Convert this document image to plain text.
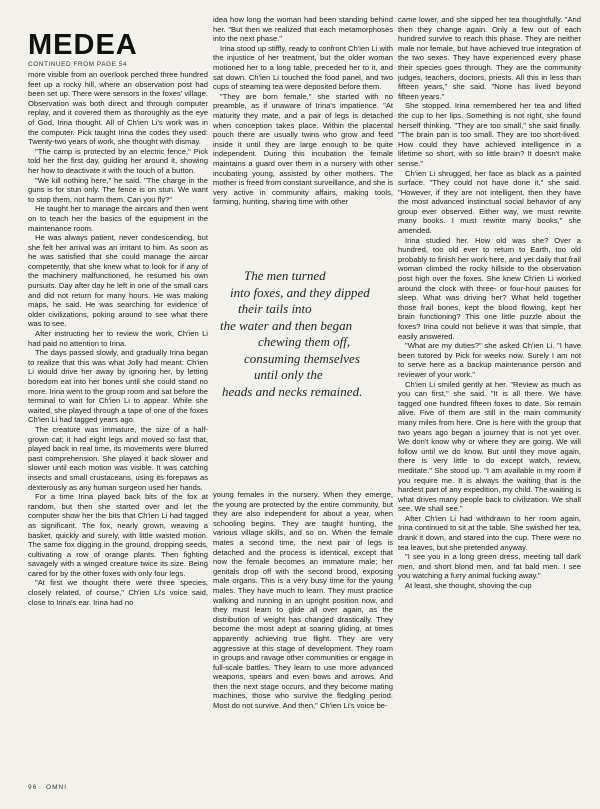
MEDEA
CONTINUED FROM PAGE 54

more visible from an overlook perched three hundred feet up a rocky hill, where an observation post had been set up. There were sensors in the foxes' village. Observation was both direct and through computer replay, and it covered them as thoroughly as the eye of God, Irina thought. All of Ch'ien Li's work was in the computer. Pick taught Irina the codes they used: Twenty-two years of work, she thought with dismay.

"The camp is protected by an electric fence," Pick told her the first day, guiding her around it, showing her how to deactivate it with the touch of a button.

"We kill nothing here," he said. "The charge in the guns is for stun only. The fence is on stun. We want to stop them, not harm them. Can you fly?"

He taught her to manage the aircars and then went on to teach her the basics of the equipment in the maintenance room.

He was always patient, never condescending, but she felt her arrival was an irritant to him. As soon as he was satisfied that she could manage the aircar competently, that she knew what to look for if any of the machinery malfunctioned, he resumed his own pursuits. Day after day he left in one of the small cars and did not return for many hours. He was making maps, he said. He was searching for evidence of older civilizations, poking around to see what there was to see.

After instructing her to review the work, Ch'ien Li had paid no attention to Irina.

The days passed slowly, and gradually Irina began to realize that this was what Jolly had meant: Ch'ien Li would drive her away by ignoring her, by letting boredom eat into her bones until she could stand no more. Irina went to the group room and sat before the terminal to wait for Ch'ien Li to appear. While she waited, she played through a tape of one of the foxes Ch'ien Li had tagged years ago.

The creature was immature, the size of a half-grown cat; it had eight legs and moved so fast that, played back in real time, its movements were blurred past comprehension. She played it back slower and slower until each motion was visible. It was catching insects and small crustaceans, using its forepaws as dexterously as any human surgeon used her hands.

For a time Irina played back bits of the fox at random, but then she started over and let the computer show her the bits that Ch'ien Li had tagged as significant. The fox, nearly grown, weaving a basket, quickly and surely, with little wasted motion. The same fox digging in the ground, dropping seeds, cultivating a row of orange plants. Then fighting savagely with a winged creature twice its size. Being cared for by the other foxes with only four legs.

"At first we thought there were three species, closely related, of course," Ch'ien Li's voice said, close to Irina's ear. Irina had no

idea how long the woman had been standing behind her. "But then we realized that each metamorphoses into the next phase."

Irina stood up stiffly, ready to confront Ch'ien Li with the injustice of her treatment, but the older woman motioned her to a long table, preceded her to it, and sat down. Ch'ien Li touched the food panel, and two cups of steaming tea were deposited before them.

"They are born female," she started with no preamble, as if unaware of Irina's impatience. "At maturity they mate, and a pair of legs is detached when conception takes place. Within the placental pouch there are usually twins who grow and feed inside it until they are large enough to be quite independent. During this incubation the female maintains a guard over them in a nursery with other incubating young, assisted by other mothers. The mother is freed from constant surveillance, and she is very active in community affairs, making tools, farming, hunting, sharing time with other

The men turned
into foxes, and they dipped
their tails into
the water and then began
chewing them off,
consuming themselves
until only the
heads and necks remained.

young females in the nursery. When they emerge, the young are protected by the entire community, but they are also independent for about a year, when schooling begins. They are taught hunting, the various village skills, and so on. When the female mates a second time, the next pair of legs is detached and the process is identical, except that now the female becomes an immature male; her genitals drop off with the second brood, exposing male organs. This is a very busy time for the young males. They have much to learn. They must practice walking and running in an upright position now, and they must learn to glide all over again, as the distribution of weight has changed drastically. They become the most adept at soaring gliding, at times apparently achieving true flight. They are very aggressive at this stage of development. They roam in groups and ravage other communities or engage in full-scale battles. They learn to use more advanced weapons, spears and even bows and arrows. And then the next stage occurs, and they become mating machines, those who survive the fledgling period. Most do not survive. And then," Ch'ien Li's voice be-

came lower, and she sipped her tea thoughtfully. "And then they change again. Only a few out of each hundred survive to reach this phase. They are neither male nor female, but have achieved true integration of the two sexes. They have experienced every phase their species goes through. They are the community judges, teachers, doctors, priests. All this in less than fifteen years," she said. "None has lived beyond fifteen years."

She stopped. Irina remembered her tea and lifted the cup to her lips. Something is not right, she found herself thinking. "They are too small," she said finally. "The brain pan is too small. They are too short-lived. How could they have achieved intelligence in a lifetime so short, with so little brain? It doesn't make sense."

Ch'ien Li shrugged, her face as black as a painted surface. "They could not have done it," she said. "However, if they are not intelligent, then they have the most advanced instinctual social behavior of any group ever observed. Either way, we must rewrite many books. I must rewrite many books," she amended.

Irina studied her. How old was she? Over a hundred, too old ever to return to Earth, too old probably to finish her work here, and yet daily that frail woman climbed the rocky hillside to the observation post high over the foxes. She knew Ch'ien Li worked around the clock with three- or four-hour pauses for sleep. What was driving her? What held together those frail bones, kept the blood flowing, kept her brain functioning? This one little puzzle about the foxes? Irina could not believe it was that simple, that easily answered.

"What are my duties?" she asked Ch'ien Li. "I have been tutored by Pick for weeks now. Surely I am not to serve here as a backup maintenance person and reviewer of your work."

Ch'ien Li smiled gently at her. "Review as much as you can first," she said. "It is all there. We have tagged one hundred fifteen foxes to date. Six remain alive. Five of them are still in the main community many miles from here. One is here with the group that two years ago began a journey that is not yet over. We don't know why or where they are going. We will follow until we do know. But until they move again, there is very little to do except watch, review, meditate." She stood up. "I am available in my room if you require me. It is always the waiting that is the hardest part of any expedition, my child. The waiting is what drives many people back to civilization. We shall see. We shall see."

After Ch'ien Li had withdrawn to her room again, Irina continued to sit at the table. She swished her tea, drank it down, and stared into the cup. There were no tea leaves, but she pretended anyway.

"I see you in a long green dress, meeting tall dark men, and short blond men, and fat bald men. I see you watching a furry animal fucking away."

At least, she thought, shoving the cup

96 OMNI
